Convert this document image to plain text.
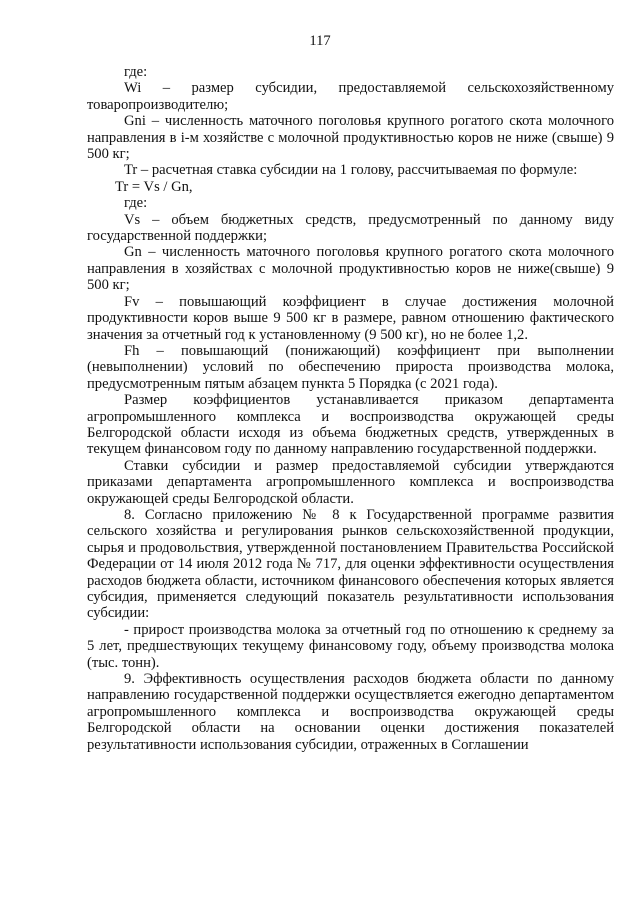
117

где:

Wi – размер субсидии, предоставляемой сельскохозяйственному товаропроизводителю;

Gni – численность маточного поголовья крупного рогатого скота молочного направления в i-м хозяйстве с молочной продуктивностью коров не ниже (свыше) 9 500 кг;

Tr – расчетная ставка субсидии на 1 голову, рассчитываемая по формуле:

Tr = Vs / Gn,

где:

Vs – объем бюджетных средств, предусмотренный по данному виду государственной поддержки;

Gn – численность маточного поголовья крупного рогатого скота молочного направления в хозяйствах с молочной продуктивностью коров не ниже(свыше) 9 500 кг;

Fv – повышающий коэффициент в случае достижения молочной продуктивности коров выше 9 500 кг в размере, равном отношению фактического значения за отчетный год к установленному (9 500 кг), но не более 1,2.

Fh – повышающий (понижающий) коэффициент при выполнении (невыполнении) условий по обеспечению прироста производства молока, предусмотренным пятым абзацем пункта 5 Порядка (с 2021 года).

Размер коэффициентов устанавливается приказом департамента агропромышленного комплекса и воспроизводства окружающей среды Белгородской области исходя из объема бюджетных средств, утвержденных в текущем финансовом году по данному направлению государственной поддержки.

Ставки субсидии и размер предоставляемой субсидии утверждаются приказами департамента агропромышленного комплекса и воспроизводства окружающей среды Белгородской области.

8. Согласно приложению № 8 к Государственной программе развития сельского хозяйства и регулирования рынков сельскохозяйственной продукции, сырья и продовольствия, утвержденной постановлением Правительства Российской Федерации от 14 июля 2012 года № 717, для оценки эффективности осуществления расходов бюджета области, источником финансового обеспечения которых является субсидия, применяется следующий показатель результативности использования субсидии:

- прирост производства молока за отчетный год по отношению к среднему за 5 лет, предшествующих текущему финансовому году, объему производства молока (тыс. тонн).

9. Эффективность осуществления расходов бюджета области по данному направлению государственной поддержки осуществляется ежегодно департаментом агропромышленного комплекса и воспроизводства окружающей среды Белгородской области на основании оценки достижения показателей результативности использования субсидии, отраженных в Соглашении
